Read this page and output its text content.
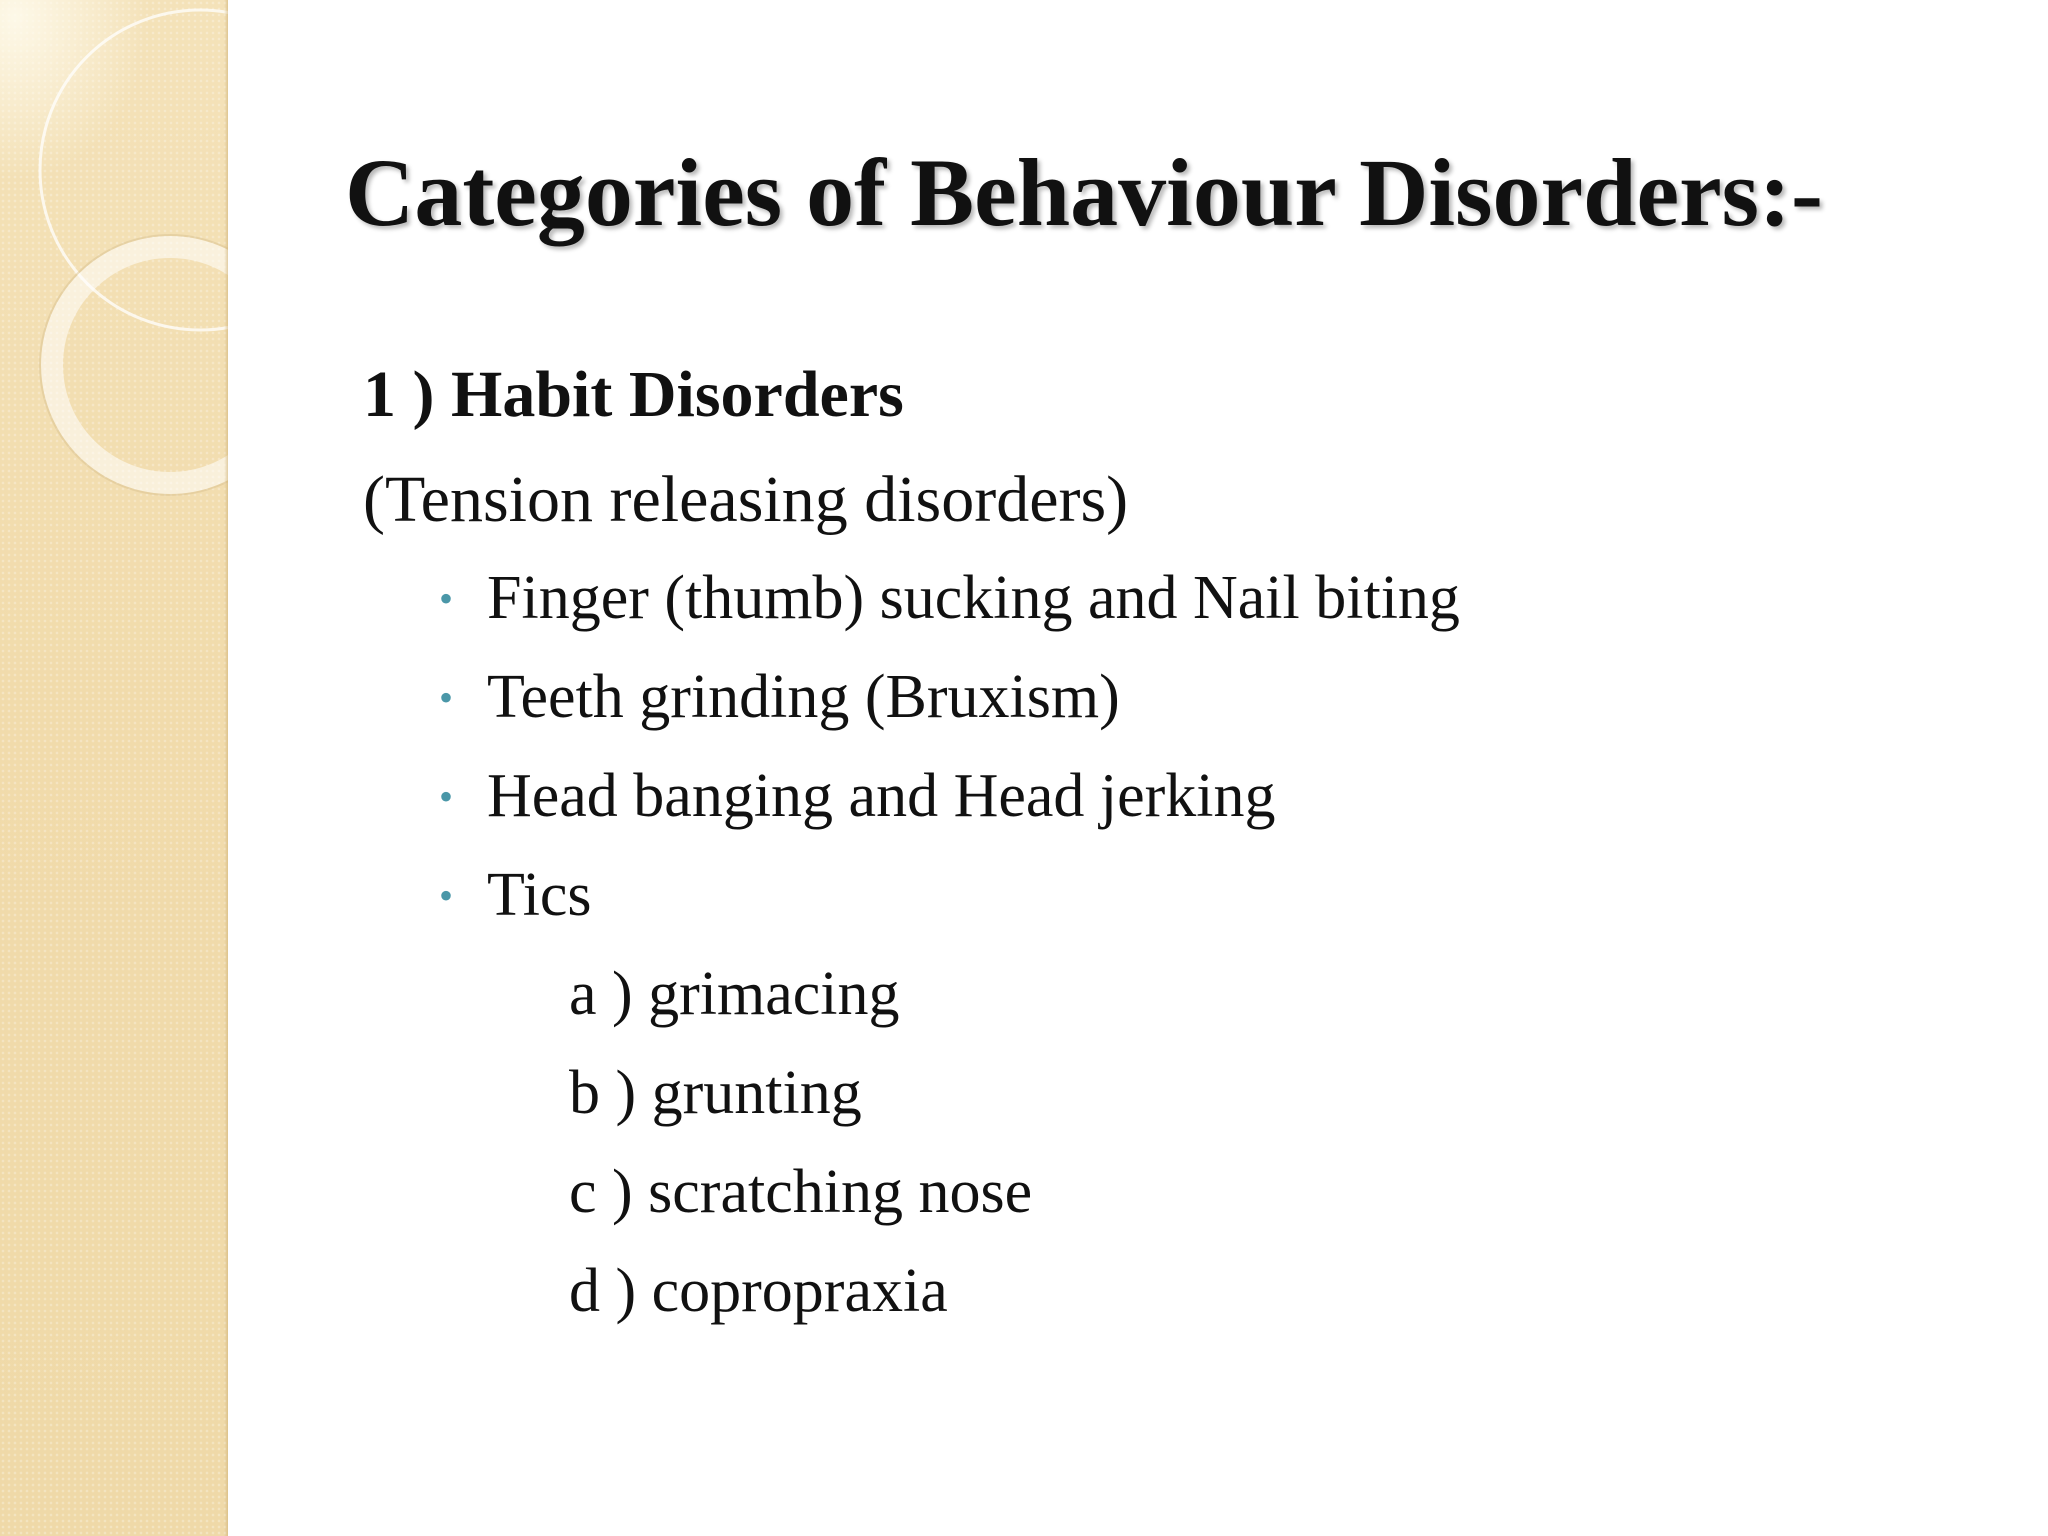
Categories of Behaviour Disorders:-
1 ) Habit Disorders
(Tension releasing disorders)
• Finger (thumb) sucking and Nail biting
• Teeth grinding (Bruxism)
• Head banging and Head jerking
• Tics
a ) grimacing
b ) grunting
c ) scratching nose
d ) copropraxia
